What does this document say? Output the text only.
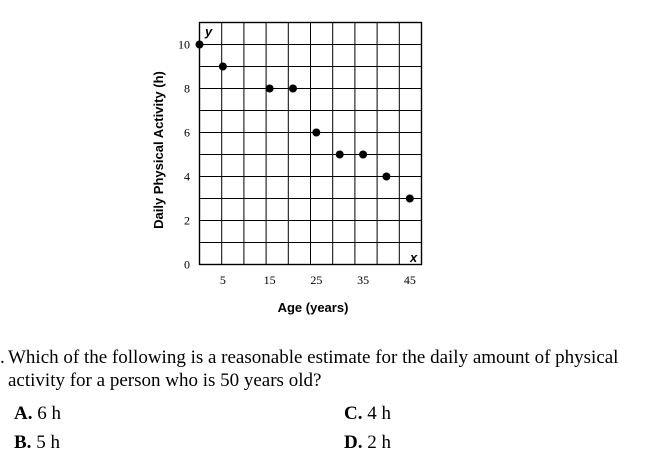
0
2
4
6
8
10
5	15	25	35	45
y
x
Age (years)
Daily Physical Activity (h)
. Which of the following is a reasonable estimate for the daily amount of physical activity for a person who is 50 years old?
A. 6 h
B. 5 h
C. 4 h
D. 2 h
